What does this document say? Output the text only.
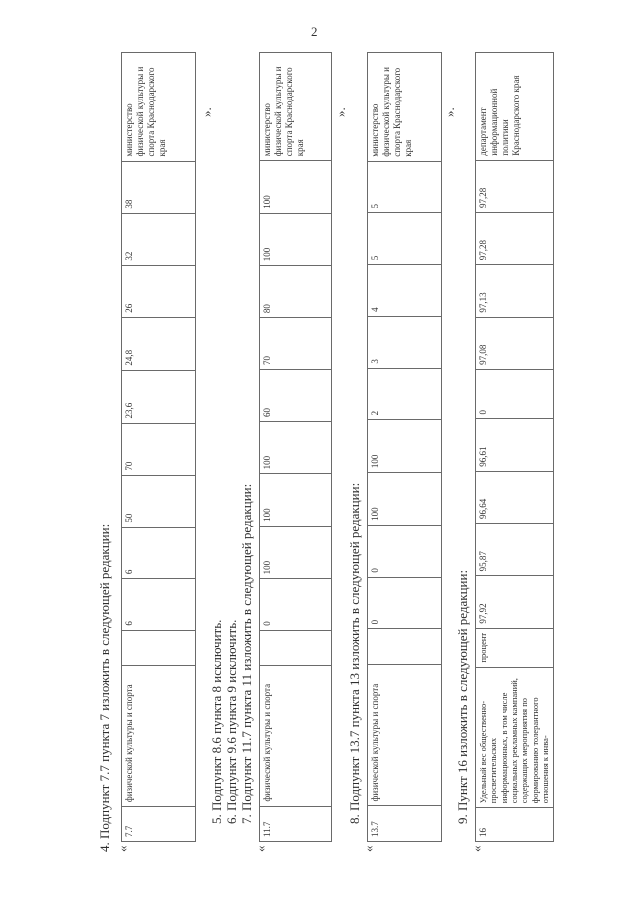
2
4. Подпункт 7.7 пункта 7 изложить в следующей редакции: «
7.7	физической культуры и спорта		6	6	50	70	23,6	24,8	26	32	38	министерство физической культуры и спорта Краснодарского края
».
5. Подпункт 8.6 пункта 8 исключить. 6. Подпункт 9.6 пункта 9 исключить. 7. Подпункт 11.7 пункта 11 изложить в следующей редакции:
«
11.7	физической культуры и спорта		0	100	100	100	60	70	80	100	100	министерство физической культуры и спорта Краснодарского края
».
8. Подпункт 13.7 пункта 13 изложить в следующей редакции:
«
13.7	физической культуры и спорта		0	0	100	100	2	3	4	5	5	министерство физической культуры и спорта Краснодарского края
».
9. Пункт 16 изложить в следующей редакции:
«
16	Удельный вес общественно-просветительских информационных, в том числе социальных рекламных кампаний, содержащих мероприятия по формированию толерантного отношения к инва-	процент	97,92	95,87	96,64	96,61	0	97,08	97,13	97,28	97,28	департамент информационной политики Краснодарского края
